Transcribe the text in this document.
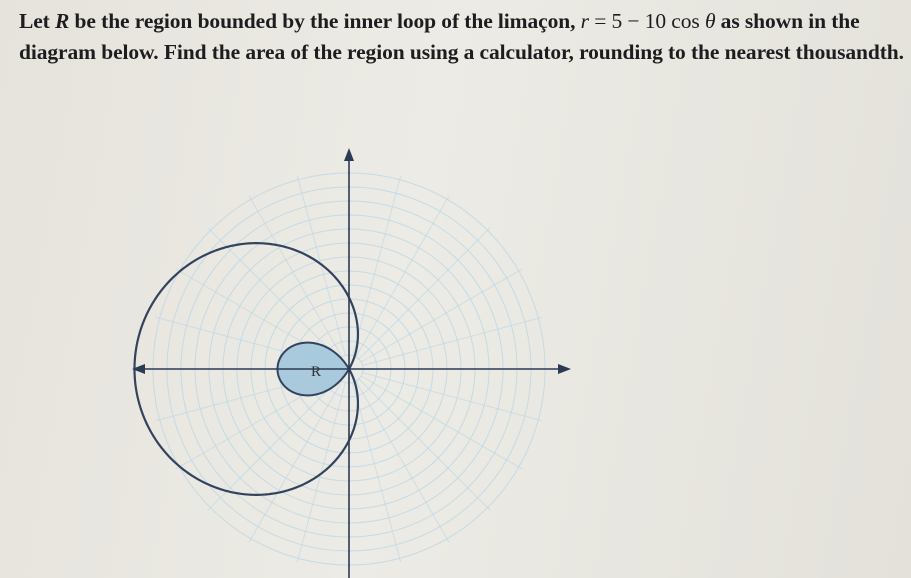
Let R be the region bounded by the inner loop of the limaçon, r = 5 − 10 cos θ as shown in the diagram below. Find the area of the region using a calculator, rounding to the nearest thousandth.
R
